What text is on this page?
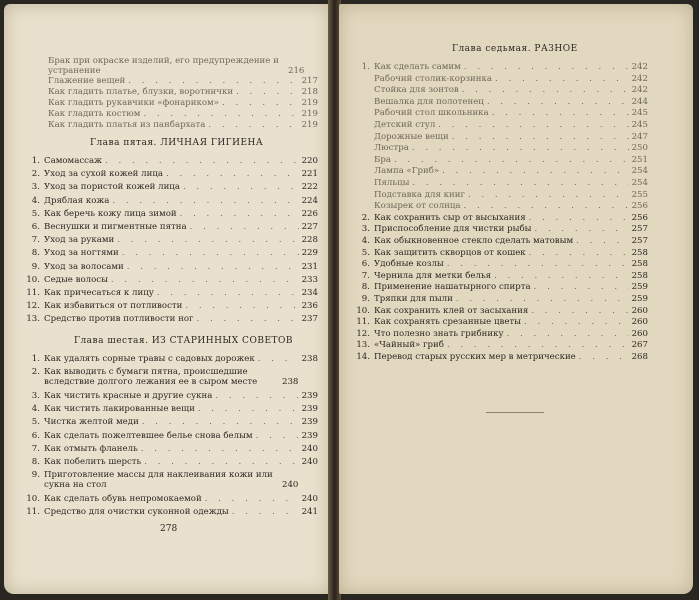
Брак при окраске изделий, его предупреждение и устранение	216
Глажение вещей . . .	217
Как гладить платье, блузки, воротнички . . .	218
Как гладить рукавчики «фонариком» . . .	219
Как гладить костюм . . .	219
Как гладить платья из панбархата . . .	219
Глава пятая. ЛИЧНАЯ ГИГИЕНА
1. Самомассаж . . .	220
2. Уход за сухой кожей лица . . .	221
3. Уход за пористой кожей лица . . .	222
4. Дряблая кожа . . .	224
5. Как беречь кожу лица зимой . . .	226
6. Веснушки и пигментные пятна . . .	227
7. Уход за руками . . .	228
8. Уход за ногтями . . .	229
9. Уход за волосами . . .	231
10. Седые волосы . . .	233
11. Как причесаться к лицу . . .	234
12. Как избавиться от потливости . . .	236
13. Средство против потливости ног . . .	237
Глава шестая. ИЗ СТАРИННЫХ СОВЕТОВ
1. Как удалять сорные травы с садовых дорожек . . .	238
2. Как выводить с бумаги пятна, происшедшие вследствие долгого лежания ее в сыром месте	238
3. Как чистить красные и другие сукна . . .	239
4. Как чистить лакированные вещи . . .	239
5. Чистка желтой меди . . .	239
6. Как сделать пожелтевшее белье снова белым . . .	239
7. Как отмыть фланель . . .	240
8. Как побелить шерсть . . .	240
9. Приготовление массы для наклеивания кожи или сукна на стол	240
10. Как сделать обувь непромокаемой . . .	240
11. Средство для очистки суконной одежды . . .	241
278
Глава седьмая. РАЗНОЕ
1. Как сделать самим . . .	242
Рабочий столик-корзинка . . .	242
Стойка для зонтов . . .	242
Вешалка для полотенец . . .	244
Рабочий стол школьника . . .	245
Детский стул . . .	245
Дорожные вещи . . .	247
Люстра . . .	250
Бра . . .	251
Лампа «Гриб» . . .	254
Пяльцы . . .	254
Подставка для книг . . .	255
Козырек от солнца . . .	256
2. Как сохранить сыр от высыхания . . .	256
3. Приспособление для чистки рыбы . . .	257
4. Как обыкновенное стекло сделать матовым . . .	257
5. Как защитить скворцов от кошек . . .	258
6. Удобные козлы . . .	258
7. Чернила для метки белья . . .	258
8. Применение нашатырного спирта . . .	259
9. Тряпки для пыли . . .	259
10. Как сохранить клей от засыхания . . .	260
11. Как сохранять срезанные цветы . . .	260
12. Что полезно знать грибнику . . .	260
13. «Чайный» гриб . . .	267
14. Перевод старых русских мер в метрические . . .	268
